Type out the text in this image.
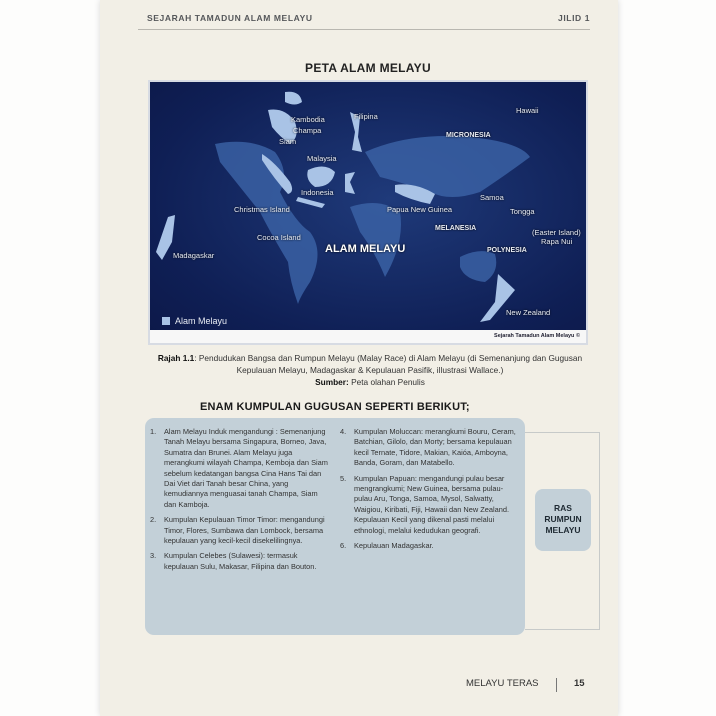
SEJARAH TAMADUN ALAM MELAYU	JILID 1
PETA ALAM MELAYU
Kambodia
Champa
Siam
Filipina
Hawaii
MICRONESIA
Malaysia
Indonesia
Christmas Island	Papua New Guinea
Samoa
Tongga
MELANESIA	(Easter Island)
Rapa Nui
Cocoa Island
Madagaskar
ALAM MELAYU	POLYNESIA
New Zealand
Alam Melayu
Sejarah Tamadun Alam Melayu ©
Rajah 1.1: Pendudukan Bangsa dan Rumpun Melayu (Malay Race) di Alam Melayu (di Semenanjung dan Gugusan Kepulauan Melayu, Madagaskar & Kepulauan Pasifik, illustrasi Wallace.)
Sumber: Peta olahan Penulis
ENAM KUMPULAN GUGUSAN SEPERTI BERIKUT;
1.	Alam Melayu Induk mengandungi : Semenanjung Tanah Melayu bersama Singapura, Borneo, Java, Sumatra dan Brunei. Alam Melayu juga merangkumi wilayah Champa, Kemboja dan Siam sebelum kedatangan bangsa Cina Hans Tai dan Dai Viet dari Tanah besar China, yang kemudiannya menguasai tanah Champa, Siam dan Kamboja.
2.	Kumpulan Kepulauan Timor Timor: mengandungi Timor, Flores, Sumbawa dan Lombock, bersama kepulauan yang kecil-kecil disekelilingnya.
3.	Kumpulan Celebes (Sulawesi): termasuk kepulauan Sulu, Makasar, Filipina dan Bouton.
4.	Kumpulan Moluccan: merangkumi Bouru, Ceram, Batchian, Gilolo, dan Morty; bersama kepulauan kecil Ternate, Tidore, Makian, Kaióa, Amboyna, Banda, Goram, dan Matabello.
5.	Kumpulan Papuan: mengandungi pulau besar mengrangkumi; New Guinea, bersama pulau-pulau Aru, Tonga, Samoa, Mysol, Salwatty, Waigiou, Kiribati, Fiji, Hawaii dan New Zealand. Kepulauan Kecil yang dikenal pasti melalui ethnologi, melalui kedudukan geografi.
6.	Kepulauan Madagaskar.
RAS
RUMPUN
MELAYU
MELAYU TERAS	15
